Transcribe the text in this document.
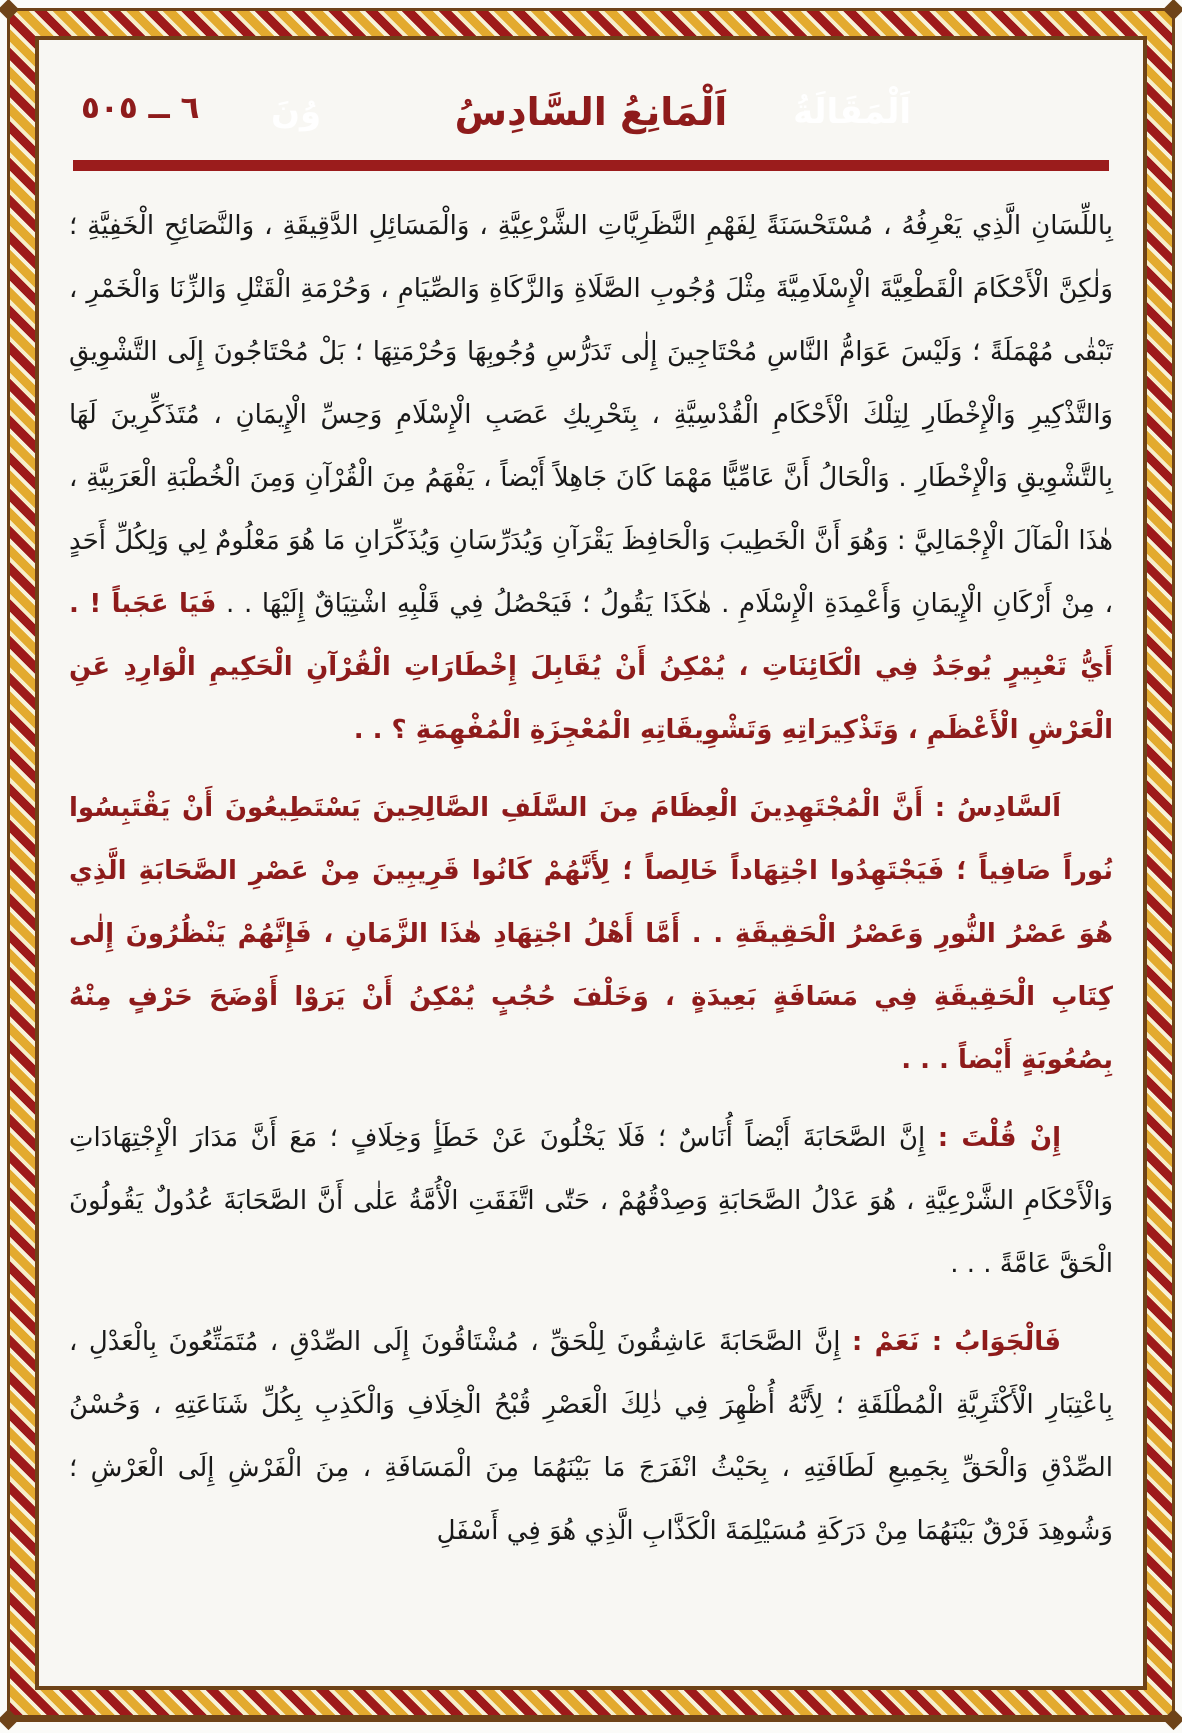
٦ ــ ٥٠٥	اَلْمَقَالَةُ
وُنَ	اَلْمَانِعُ السَّادِسُ

بِاللِّسَانِ الَّذِي يَعْرِفُهُ ، مُسْتَحْسَنَةً لِفَهْمِ النَّظَرِيَّاتِ الشَّرْعِيَّةِ ، وَالْمَسَائِلِ الدَّقِيقَةِ ، وَالنَّصَائِحِ الْخَفِيَّةِ ؛ وَلٰكِنَّ الْأَحْكَامَ الْقَطْعِيَّةَ الْإِسْلَامِيَّةَ مِثْلَ وُجُوبِ الصَّلَاةِ وَالزَّكَاةِ وَالصِّيَامِ ، وَحُرْمَةِ الْقَتْلِ وَالزِّنَا وَالْخَمْرِ ، تَبْقٰى مُهْمَلَةً ؛ وَلَيْسَ عَوَامُّ النَّاسِ مُحْتَاجِينَ إِلٰى تَدَرُّسِ وُجُوبِهَا وَحُرْمَتِهَا ؛ بَلْ مُحْتَاجُونَ إِلَى التَّشْوِيقِ وَالتَّذْكِيرِ وَالْإِخْطَارِ لِتِلْكَ الْأَحْكَامِ الْقُدْسِيَّةِ ، بِتَحْرِيكِ عَصَبِ الْإِسْلَامِ وَحِسِّ الْإِيمَانِ ، مُتَذَكِّرِينَ لَهَا بِالتَّشْوِيقِ وَالْإِخْطَارِ . وَالْحَالُ أَنَّ عَامِّيًّا مَهْمَا كَانَ جَاهِلاً أَيْضاً ، يَفْهَمُ مِنَ الْقُرْآنِ وَمِنَ الْخُطْبَةِ الْعَرَبِيَّةِ ، هٰذَا الْمَآلَ الْإِجْمَالِيَّ : وَهُوَ أَنَّ الْخَطِيبَ وَالْحَافِظَ يَقْرَآنِ وَيُدَرِّسَانِ وَيُذَكِّرَانِ مَا هُوَ مَعْلُومٌ لِي وَلِكُلِّ أَحَدٍ ، مِنْ أَرْكَانِ الْإِيمَانِ وَأَعْمِدَةِ الْإِسْلَامِ . هٰكَذَا يَقُولُ ؛ فَيَحْصُلُ فِي قَلْبِهِ اشْتِيَاقٌ إِلَيْهَا . . فَيَا عَجَباً ! . أَيُّ تَعْبِيرٍ يُوجَدُ فِي الْكَائِنَاتِ ، يُمْكِنُ أَنْ يُقَابِلَ إِخْطَارَاتِ الْقُرْآنِ الْحَكِيمِ الْوَارِدِ عَنِ الْعَرْشِ الْأَعْظَمِ ، وَتَذْكِيرَاتِهِ وَتَشْوِيقَاتِهِ الْمُعْجِزَةِ الْمُفْهِمَةِ ؟ . .

اَلسَّادِسُ : أَنَّ الْمُجْتَهِدِينَ الْعِظَامَ مِنَ السَّلَفِ الصَّالِحِينَ يَسْتَطِيعُونَ أَنْ يَقْتَبِسُوا نُوراً صَافِياً ؛ فَيَجْتَهِدُوا اجْتِهَاداً خَالِصاً ؛ لِأَنَّهُمْ كَانُوا قَرِيبِينَ مِنْ عَصْرِ الصَّحَابَةِ الَّذِي هُوَ عَصْرُ النُّورِ وَعَصْرُ الْحَقِيقَةِ . . أَمَّا أَهْلُ اجْتِهَادِ هٰذَا الزَّمَانِ ، فَإِنَّهُمْ يَنْظُرُونَ إِلٰى كِتَابِ الْحَقِيقَةِ فِي مَسَافَةٍ بَعِيدَةٍ ، وَخَلْفَ حُجُبٍ يُمْكِنُ أَنْ يَرَوْا أَوْضَحَ حَرْفٍ مِنْهُ بِصُعُوبَةٍ أَيْضاً . . .

إِنْ قُلْتَ : إِنَّ الصَّحَابَةَ أَيْضاً أُنَاسٌ ؛ فَلَا يَخْلُونَ عَنْ خَطَأٍ وَخِلَافٍ ؛ مَعَ أَنَّ مَدَارَ الْإِجْتِهَادَاتِ وَالْأَحْكَامِ الشَّرْعِيَّةِ ، هُوَ عَدْلُ الصَّحَابَةِ وَصِدْقُهُمْ ، حَتّٰى اتَّفَقَتِ الْأُمَّةُ عَلٰى أَنَّ الصَّحَابَةَ عُدُولٌ يَقُولُونَ الْحَقَّ عَامَّةً . . .

فَالْجَوَابُ : نَعَمْ : إِنَّ الصَّحَابَةَ عَاشِقُونَ لِلْحَقِّ ، مُشْتَاقُونَ إِلَى الصِّدْقِ ، مُتَمَتِّعُونَ بِالْعَدْلِ ، بِاعْتِبَارِ الْأَكْثَرِيَّةِ الْمُطْلَقَةِ ؛ لِأَنَّهُ أُظْهِرَ فِي ذٰلِكَ الْعَصْرِ قُبْحُ الْخِلَافِ وَالْكَذِبِ بِكُلِّ شَنَاعَتِهِ ، وَحُسْنُ الصِّدْقِ وَالْحَقِّ بِجَمِيعِ لَطَافَتِهِ ، بِحَيْثُ انْفَرَجَ مَا بَيْنَهُمَا مِنَ الْمَسَافَةِ ، مِنَ الْفَرْشِ إِلَى الْعَرْشِ ؛ وَشُوهِدَ فَرْقٌ بَيْنَهُمَا مِنْ دَرَكَةِ مُسَيْلِمَةَ الْكَذَّابِ الَّذِي هُوَ فِي أَسْفَلِ
